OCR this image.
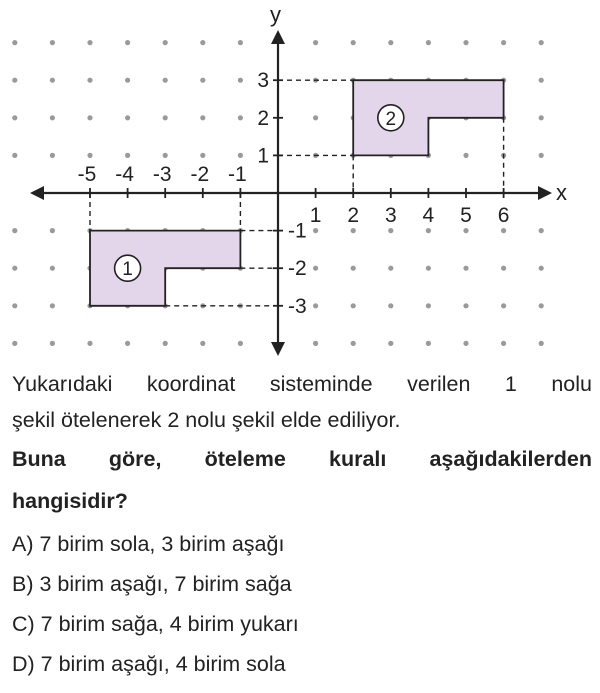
1
2
x
y
-5 -4 -3 -2 -1
1 2 3 4 5 6
3
2
1
-1
-2
-3

Yukarıdaki koordinat sisteminde verilen 1 nolu

şekil ötelenerek 2 nolu şekil elde ediliyor.

Buna göre, öteleme kuralı aşağıdakilerden

hangisidir?

A) 7 birim sola, 3 birim aşağı

B) 3 birim aşağı, 7 birim sağa

C) 7 birim sağa, 4 birim yukarı

D) 7 birim aşağı, 4 birim sola
